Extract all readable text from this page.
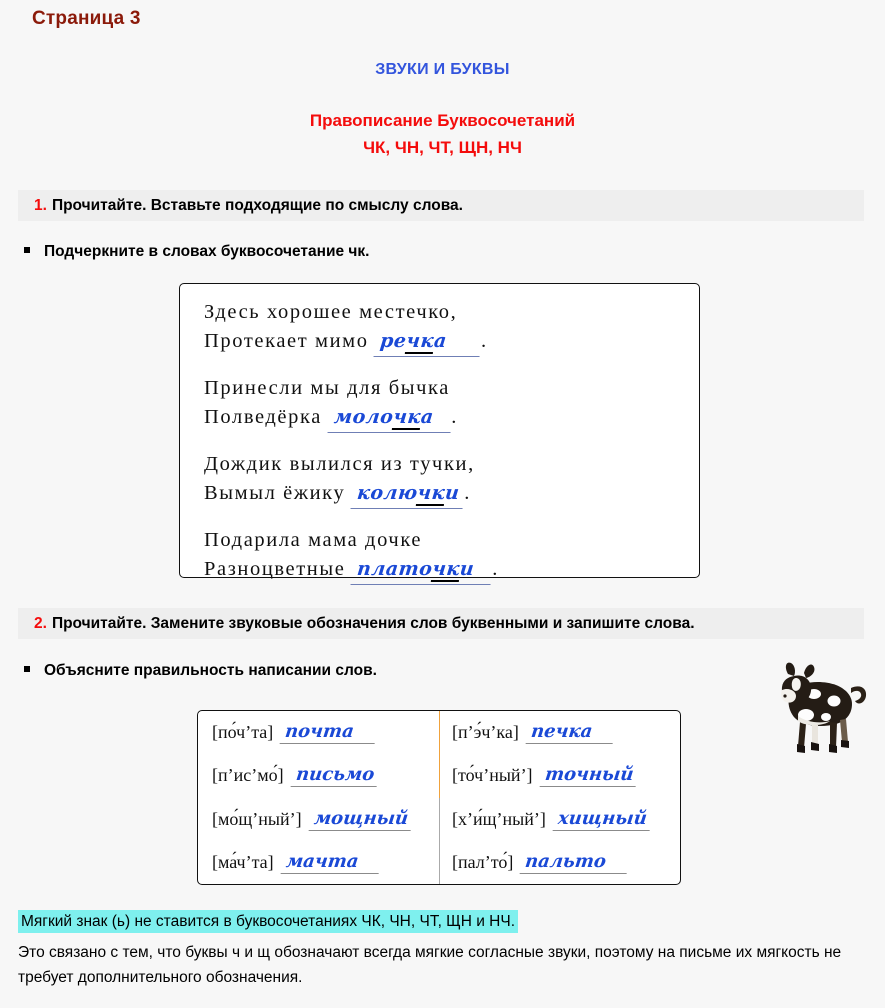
Страница 3
ЗВУКИ И БУКВЫ
Правописание Буквосочетаний
ЧК, ЧН, ЧТ, ЩН, НЧ
1. Прочитайте. Вставьте подходящие по смыслу слова.
Подчеркните в словах буквосочетание чк.
Здесь хорошее местечко,
Протекает мимо речка .
Принесли мы для бычка
Полведёрка молочка .
Дождик вылился из тучки,
Вымыл ёжику колючки .
Подарила мама дочке
Разноцветные платочки .
2. Прочитайте. Замените звуковые обозначения слов буквенными и запишите слова.
Объясните правильность написании слов.
[по́ч’та] почта	[п’э́ч’ка] печка
[п’ис’мо́] письмо	[то́ч’ный’] точный
[мо́щ’ный’] мощный [х’и́щ’ный’] хищный
[ма́ч’та] мачта	[пал’то́] пальто
Мягкий знак (ь) не ставится в буквосочетаниях ЧК, ЧН, ЧТ, ЩН и НЧ.
Это связано с тем, что буквы ч и щ обозначают всегда мягкие согласные звуки, поэтому на письме их мягкость не требует дополнительного обозначения.
